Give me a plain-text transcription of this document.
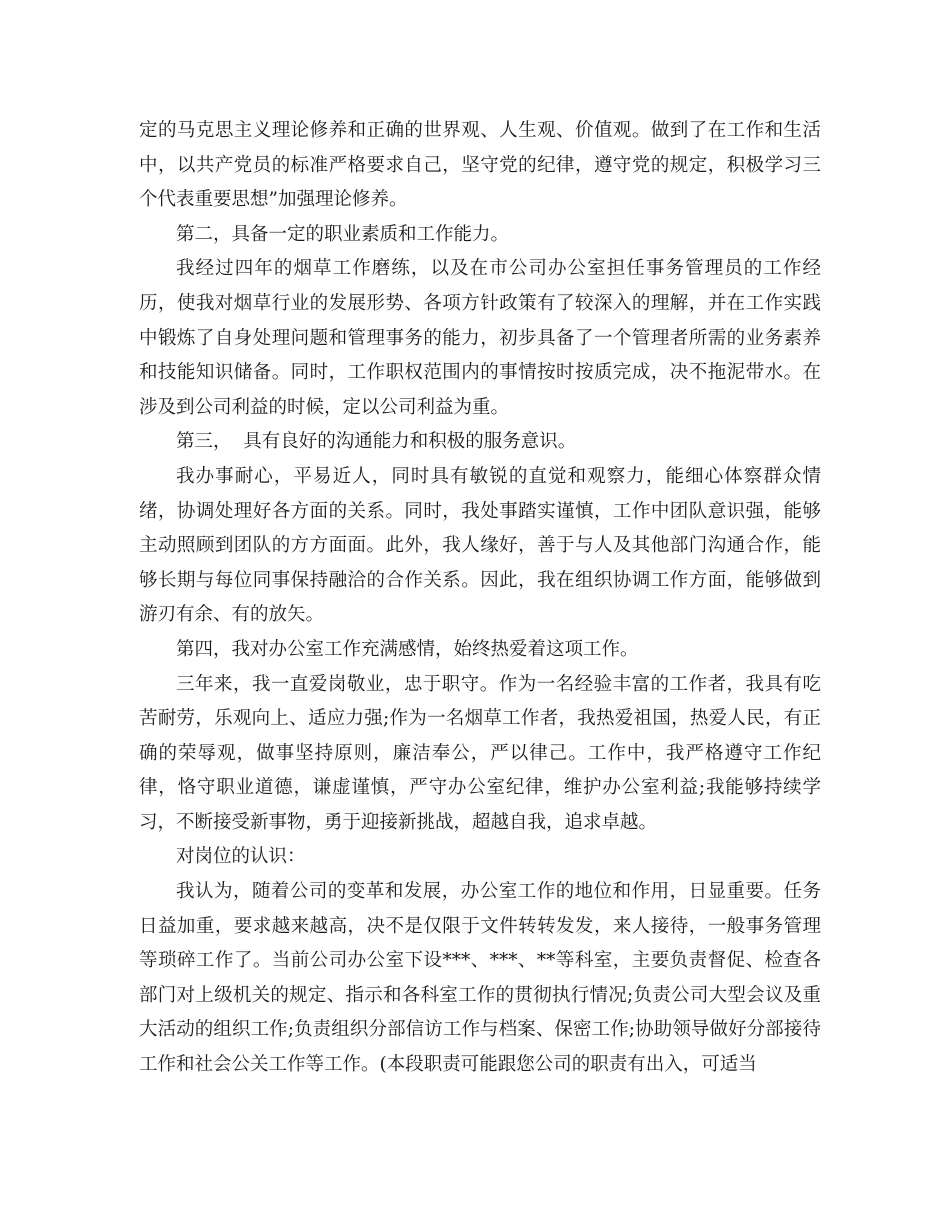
定的马克思主义理论修养和正确的世界观、人生观、价值观。做到了在工作和生活中，以共产党员的标准严格要求自己，坚守党的纪律，遵守党的规定，积极学习三个代表重要思想”加强理论修养。

第二，具备一定的职业素质和工作能力。

我经过四年的烟草工作磨练，以及在市公司办公室担任事务管理员的工作经历，使我对烟草行业的发展形势、各项方针政策有了较深入的理解，并在工作实践中锻炼了自身处理问题和管理事务的能力，初步具备了一个管理者所需的业务素养和技能知识储备。同时，工作职权范围内的事情按时按质完成，决不拖泥带水。在涉及到公司利益的时候，定以公司利益为重。

第三，  具有良好的沟通能力和积极的服务意识。

我办事耐心，平易近人，同时具有敏锐的直觉和观察力，能细心体察群众情绪，协调处理好各方面的关系。同时，我处事踏实谨慎，工作中团队意识强，能够主动照顾到团队的方方面面。此外，我人缘好，善于与人及其他部门沟通合作，能够长期与每位同事保持融洽的合作关系。因此，我在组织协调工作方面，能够做到游刃有余、有的放矢。

第四，我对办公室工作充满感情，始终热爱着这项工作。

三年来，我一直爱岗敬业，忠于职守。作为一名经验丰富的工作者，我具有吃苦耐劳，乐观向上、适应力强;作为一名烟草工作者，我热爱祖国，热爱人民，有正确的荣辱观，做事坚持原则，廉洁奉公，严以律己。工作中，我严格遵守工作纪律，恪守职业道德，谦虚谨慎，严守办公室纪律，维护办公室利益;我能够持续学习，不断接受新事物，勇于迎接新挑战，超越自我，追求卓越。

对岗位的认识：

我认为，随着公司的变革和发展，办公室工作的地位和作用，日显重要。任务日益加重，要求越来越高，决不是仅限于文件转转发发，来人接待，一般事务管理等琐碎工作了。当前公司办公室下设***、***、**等科室，主要负责督促、检查各部门对上级机关的规定、指示和各科室工作的贯彻执行情况;负责公司大型会议及重大活动的组织工作;负责组织分部信访工作与档案、保密工作;协助领导做好分部接待工作和社会公关工作等工作。(本段职责可能跟您公司的职责有出入，可适当
